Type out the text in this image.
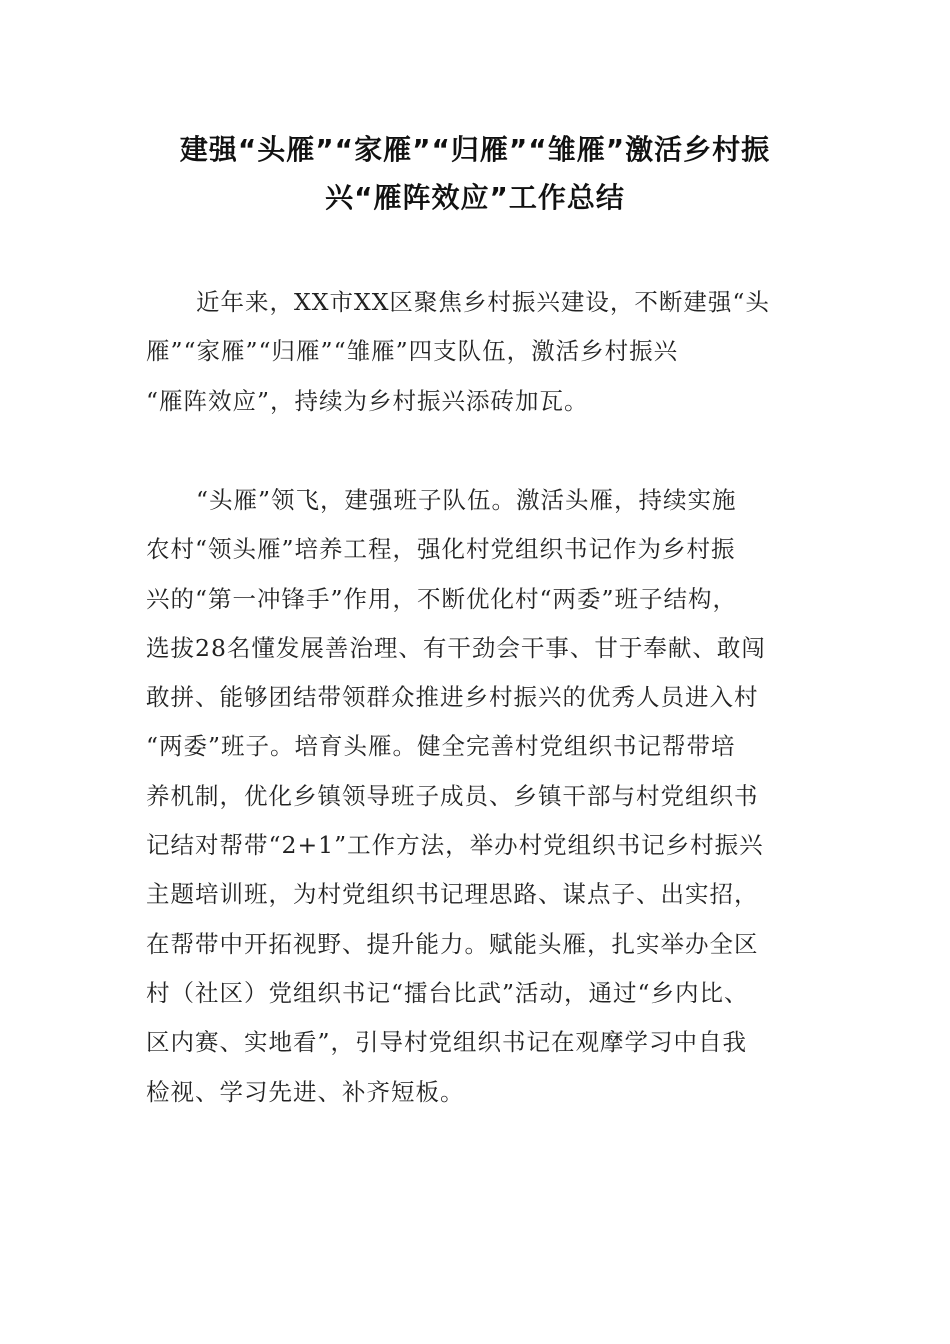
建强“头雁”“家雁”“归雁”“雏雁”激活乡村振
兴“雁阵效应”工作总结

近年来，XX市XX区聚焦乡村振兴建设，不断建强“头
雁”“家雁”“归雁”“雏雁”四支队伍，激活乡村振兴
“雁阵效应”，持续为乡村振兴添砖加瓦。

“头雁”领飞，建强班子队伍。激活头雁，持续实施
农村“领头雁”培养工程，强化村党组织书记作为乡村振
兴的“第一冲锋手”作用，不断优化村“两委”班子结构，
选拔28名懂发展善治理、有干劲会干事、甘于奉献、敢闯
敢拼、能够团结带领群众推进乡村振兴的优秀人员进入村
“两委”班子。培育头雁。健全完善村党组织书记帮带培
养机制，优化乡镇领导班子成员、乡镇干部与村党组织书
记结对帮带“2+1”工作方法，举办村党组织书记乡村振兴
主题培训班，为村党组织书记理思路、谋点子、出实招，
在帮带中开拓视野、提升能力。赋能头雁，扎实举办全区
村（社区）党组织书记“擂台比武”活动，通过“乡内比、
区内赛、实地看”，引导村党组织书记在观摩学习中自我
检视、学习先进、补齐短板。
